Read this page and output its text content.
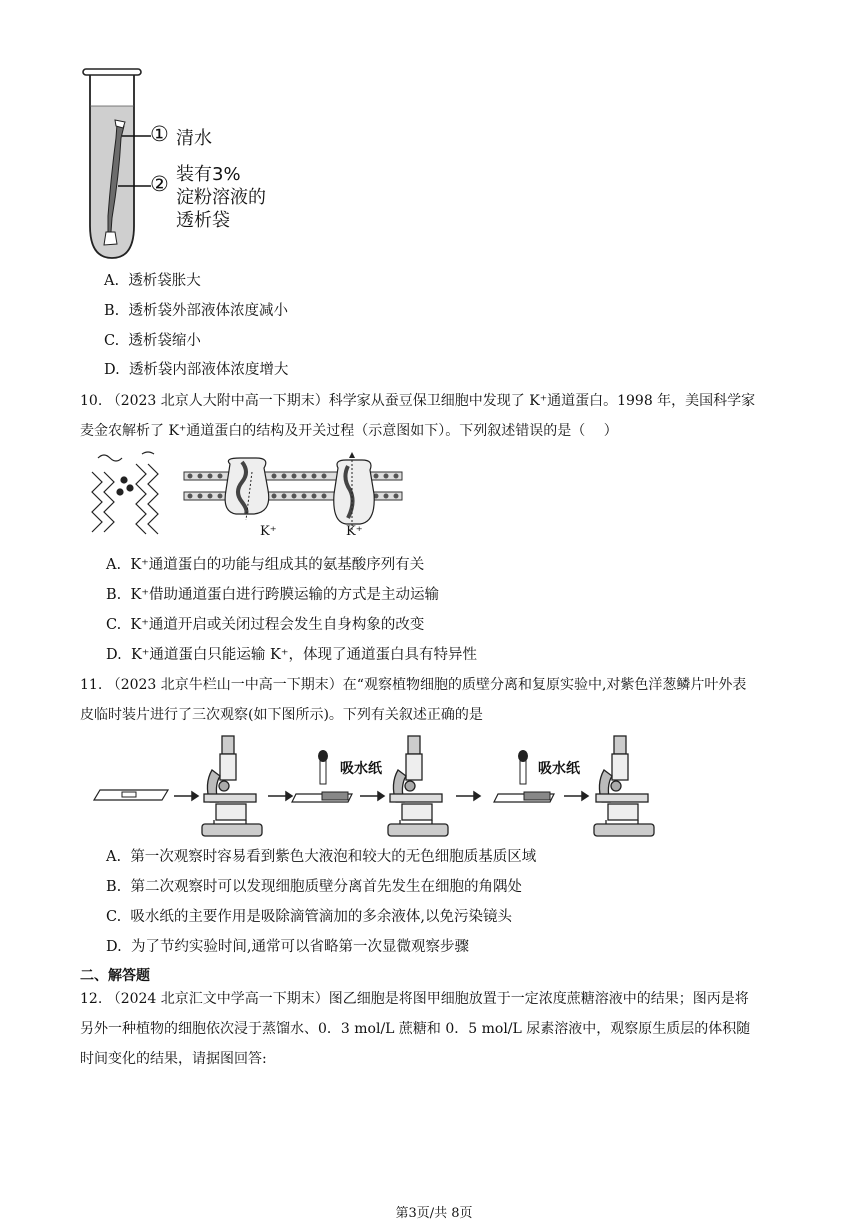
① 清水
② 装有3%
淀粉溶液的
透析袋
A. 透析袋胀大
B. 透析袋外部液体浓度减小
C. 透析袋缩小
D. 透析袋内部液体浓度增大
10. （2023 北京人大附中高一下期末）科学家从蚕豆保卫细胞中发现了 K⁺通道蛋白。1998 年，美国科学家
麦金农解析了 K⁺通道蛋白的结构及开关过程（示意图如下）。下列叙述错误的是（　 ）
K⁺	K⁺
A. K⁺通道蛋白的功能与组成其的氨基酸序列有关
B. K⁺借助通道蛋白进行跨膜运输的方式是主动运输
C. K⁺通道开启或关闭过程会发生自身构象的改变
D. K⁺通道蛋白只能运输 K⁺，体现了通道蛋白具有特异性
11. （2023 北京牛栏山一中高一下期末）在“观察植物细胞的质壁分离和复原实验中,对紫色洋葱鳞片叶外表
皮临时装片进行了三次观察(如下图所示)。下列有关叙述正确的是
吸水纸	吸水纸
A. 第一次观察时容易看到紫色大液泡和较大的无色细胞质基质区域
B. 第二次观察时可以发现细胞质壁分离首先发生在细胞的角隅处
C. 吸水纸的主要作用是吸除滴管滴加的多余液体,以免污染镜头
D. 为了节约实验时间,通常可以省略第一次显微观察步骤
二、解答题
12. （2024 北京汇文中学高一下期末）图乙细胞是将图甲细胞放置于一定浓度蔗糖溶液中的结果；图丙是将
另外一种植物的细胞依次浸于蒸馏水、0．3 mol/L 蔗糖和 0．5 mol/L 尿素溶液中，观察原生质层的体积随
时间变化的结果，请据图回答:
第3页/共 8页
